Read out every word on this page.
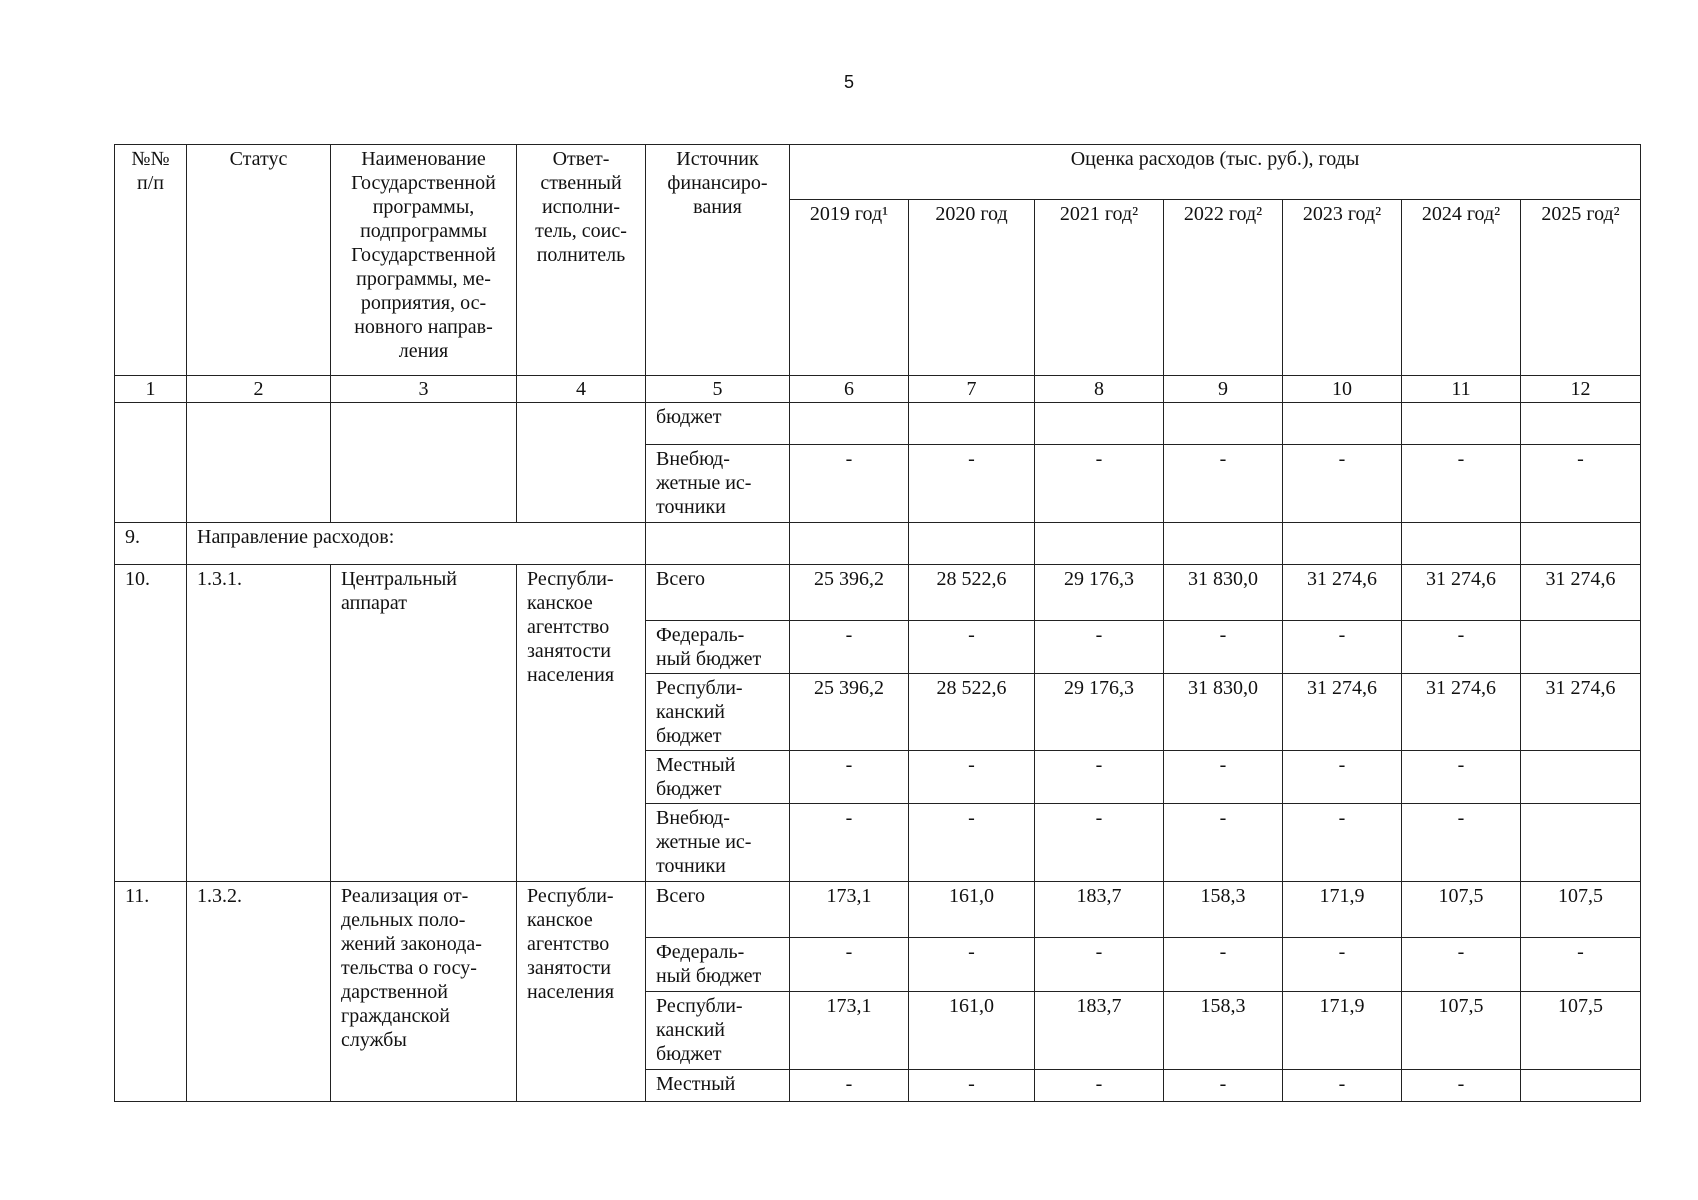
5
№№ п/п	Статус	Наименование Государственной программы, подпрограммы Государственной программы, ме-роприятия, ос-новного направ-ления	Ответ-ственный исполни-тель, соис-полнитель	Источник финансиро-вания	Оценка расходов (тыс. руб.), годы						
					2019 год¹	2020 год	2021 год²	2022 год²	2023 год²	2024 год²	2025 год²
1	2	3	4	5	6	7	8	9	10	11	12
				бюджет							
				Внебюд-жетные ис-точники	-	-	-	-	-	-	-
9.	Направление расходов:										
10.	1.3.1.	Центральный аппарат	Республи-канское агентство занятости населения	Всего	25 396,2	28 522,6	29 176,3	31 830,0	31 274,6	31 274,6	31 274,6
				Федераль-ный бюджет	-	-	-	-	-	-	
				Республи-канский бюджет	25 396,2	28 522,6	29 176,3	31 830,0	31 274,6	31 274,6	31 274,6
				Местный бюджет	-	-	-	-	-	-	
				Внебюд-жетные ис-точники	-	-	-	-	-	-	
11.	1.3.2.	Реализация от-дельных поло-жений законода-тельства о госу-дарственной гражданской службы	Республи-канское агентство занятости населения	Всего	173,1	161,0	183,7	158,3	171,9	107,5	107,5
				Федераль-ный бюджет	-	-	-	-	-	-	-
				Республи-канский бюджет	173,1	161,0	183,7	158,3	171,9	107,5	107,5
				Местный	-	-	-	-	-	-	
